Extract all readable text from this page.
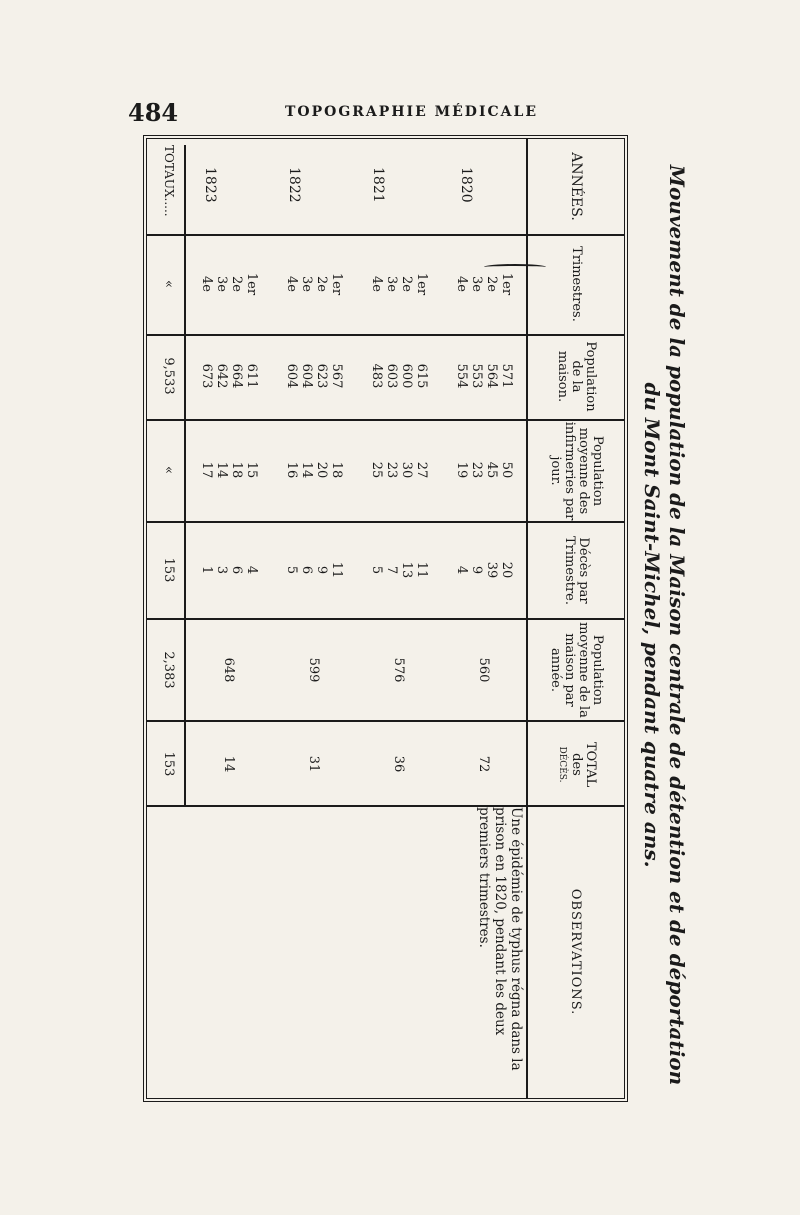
484	TOPOGRAPHIE MÉDICALE
Mouvement de la population de la Maison centrale de détention et de déportation du Mont Saint-Michel, pendant quatre ans.
ANNÉES.
Trimestres.
Population de la maison.
Population moyenne des infirmeries par jour.
Décès par Trimestre.
Population moyenne de la maison par année.
TOTAL
des
DÉCÈS.
OBSERVATIONS.
1820
1er
2e
3e
4e
571
564
553
554
50
45
23
19
20
39
9
4
560
72
1821
1er
2e
3e
4e
615
600
603
483
27
30
23
25
11
13
7
5
576
36
1822
1er
2e
3e
4e
567
623
604
604
18
20
14
16
11
9
6
5
599
31
1823
1er
2e
3e
4e
611
664
642
673
15
18
14
17
4
6
3
1
648
14
TOTAUX.....
«
9,533
«
153
2,383
153
Une épidémie de typhus régna dans la prison en 1820, pendant les deux premiers trimestres.
